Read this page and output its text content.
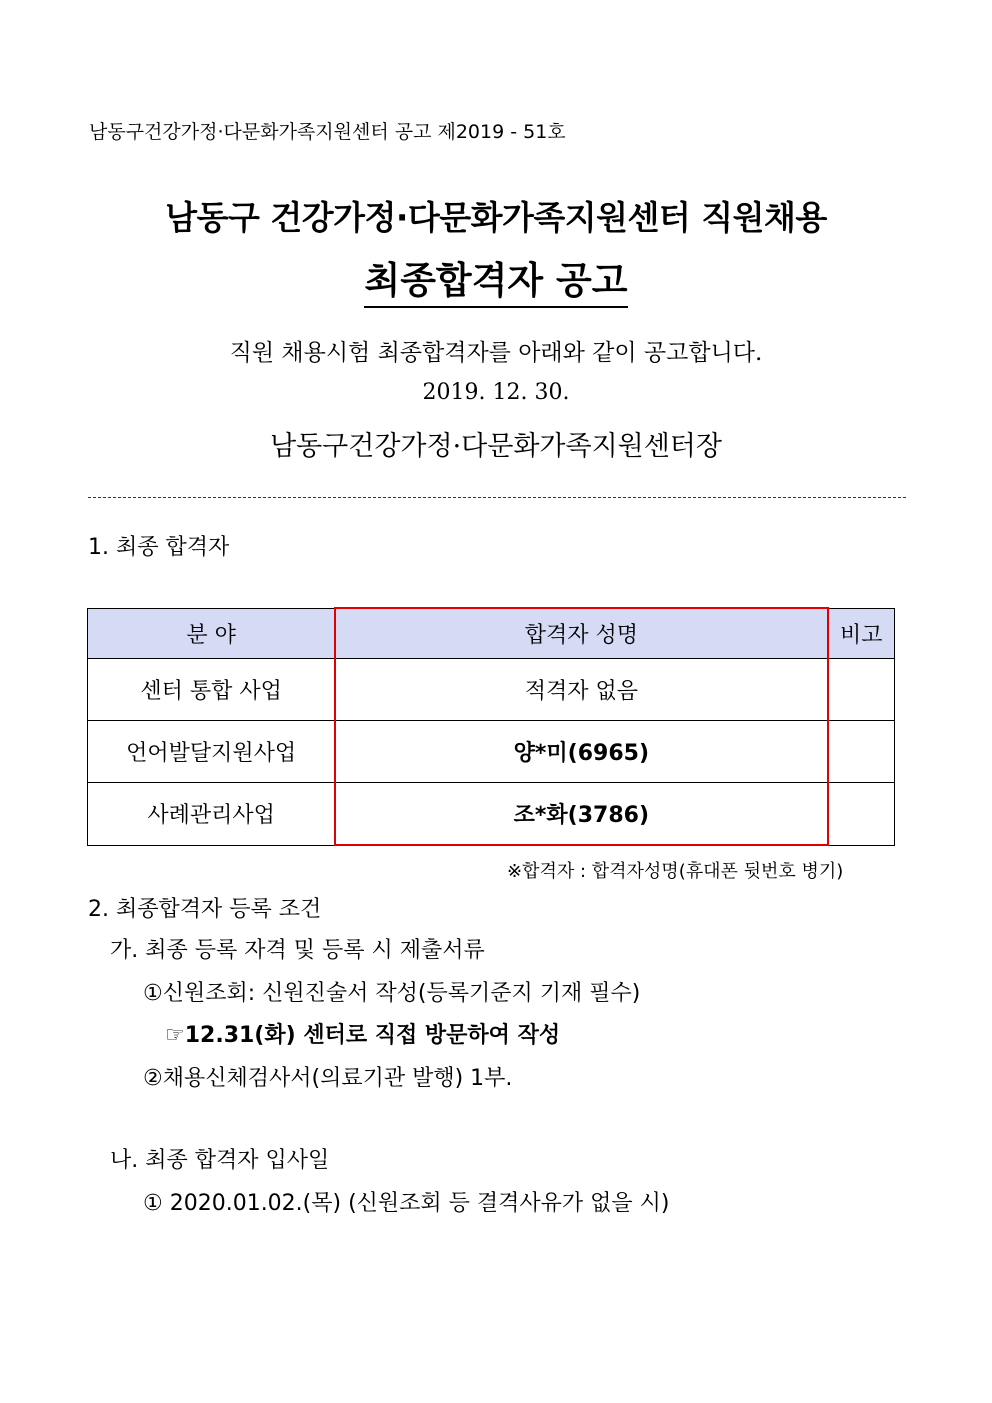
남동구건강가정·다문화가족지원센터 공고 제2019 - 51호
남동구 건강가정·다문화가족지원센터 직원채용
최종합격자 공고
직원 채용시험 최종합격자를 아래와 같이 공고합니다.
2019. 12. 30.
남동구건강가정·다문화가족지원센터장
1. 최종 합격자
분 야	합격자 성명	비고
센터 통합 사업	적격자 없음	
언어발달지원사업	양*미(6965)	
사례관리사업	조*화(3786)	
※합격자 : 합격자성명(휴대폰 뒷번호 병기)
2. 최종합격자 등록 조건
가. 최종 등록 자격 및 등록 시 제출서류
①신원조회: 신원진술서 작성(등록기준지 기재 필수)
☞12.31(화) 센터로 직접 방문하여 작성
②채용신체검사서(의료기관 발행) 1부.
나. 최종 합격자 입사일
① 2020.01.02.(목) (신원조회 등 결격사유가 없을 시)
